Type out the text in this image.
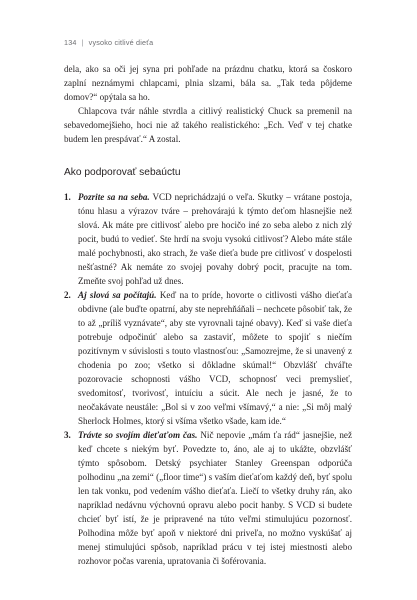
134 | vysoko citlivé dieťa

dela, ako sa oči jej syna pri pohľade na prázdnu chatku, ktorá sa čoskoro zaplní neznámymi chlapcami, plnia slzami, bála sa. „Tak teda pôjdeme domov?“ opýtala sa ho.

Chlapcova tvár náhle stvrdla a citlivý realistický Chuck sa premenil na sebavedomejšieho, hoci nie až takého realistického: „Ech. Veď v tej chatke budem len prespávať.“ A zostal.

Ako podporovať sebaúctu
1. Pozrite sa na seba. VCD neprichádzajú o veľa. Skutky – vrátane postoja, tónu hlasu a výrazov tváre – prehovárajú k týmto deťom hlasnejšie než slová. Ak máte pre citlivosť alebo pre hocičo iné zo seba alebo z nich zlý pocit, budú to vedieť. Ste hrdí na svoju vysokú citlivosť? Alebo máte stále malé pochybnosti, ako strach, že vaše dieťa bude pre citlivosť v dospelosti nešťastné? Ak nemáte zo svojej povahy dobrý pocit, pracujte na tom. Zmeňte svoj pohľad už dnes.
2. Aj slová sa počítajú. Keď na to príde, hovorte o citlivosti vášho dieťaťa obdivne (ale buďte opatrní, aby ste neprehňáňali – nechcete pôsobiť tak, že to až „príliš vyznávate“, aby ste vyrovnali tajné obavy). Keď si vaše dieťa potrebuje odpočinúť alebo sa zastaviť, môžete to spojiť s niečím pozitívnym v súvislosti s touto vlastnosťou: „Samozrejme, že si unavený z chodenia po zoo; všetko si dôkladne skúmal!“ Obzvlášť chváľte pozorovacie schopnosti vášho VCD, schopnosť veci premyslieť, svedomitosť, tvorivosť, intuíciu a súcit. Ale nech je jasné, že to neočakávate neustále: „Bol si v zoo veľmi všímavý,“ a nie: „Si môj malý Sherlock Holmes, ktorý si všíma všetko všade, kam ide.“
3. Trávte so svojím dieťaťom čas. Nič nepovie „mám ťa rád“ jasnejšie, než keď chcete s niekým byť. Povedzte to, áno, ale aj to ukážte, obzvlášť týmto spôsobom. Detský psychiater Stanley Greenspan odporúča polhodinu „na zemi“ („floor time“) s vaším dieťaťom každý deň, byť spolu len tak vonku, pod vedením vášho dieťaťa. Liečí to všetky druhy rán, ako napríklad nedávnu výchovnú opravu alebo pocit hanby. S VCD si budete chcieť byť istí, že je pripravené na túto veľmi stimulujúcu pozornosť. Polhodina môže byť apoň v niektoré dni priveľa, no možno vyskúšať aj menej stimulujúci spôsob, napríklad prácu v tej istej miestnosti alebo rozhovor počas varenia, upratovania či šoférovania.
